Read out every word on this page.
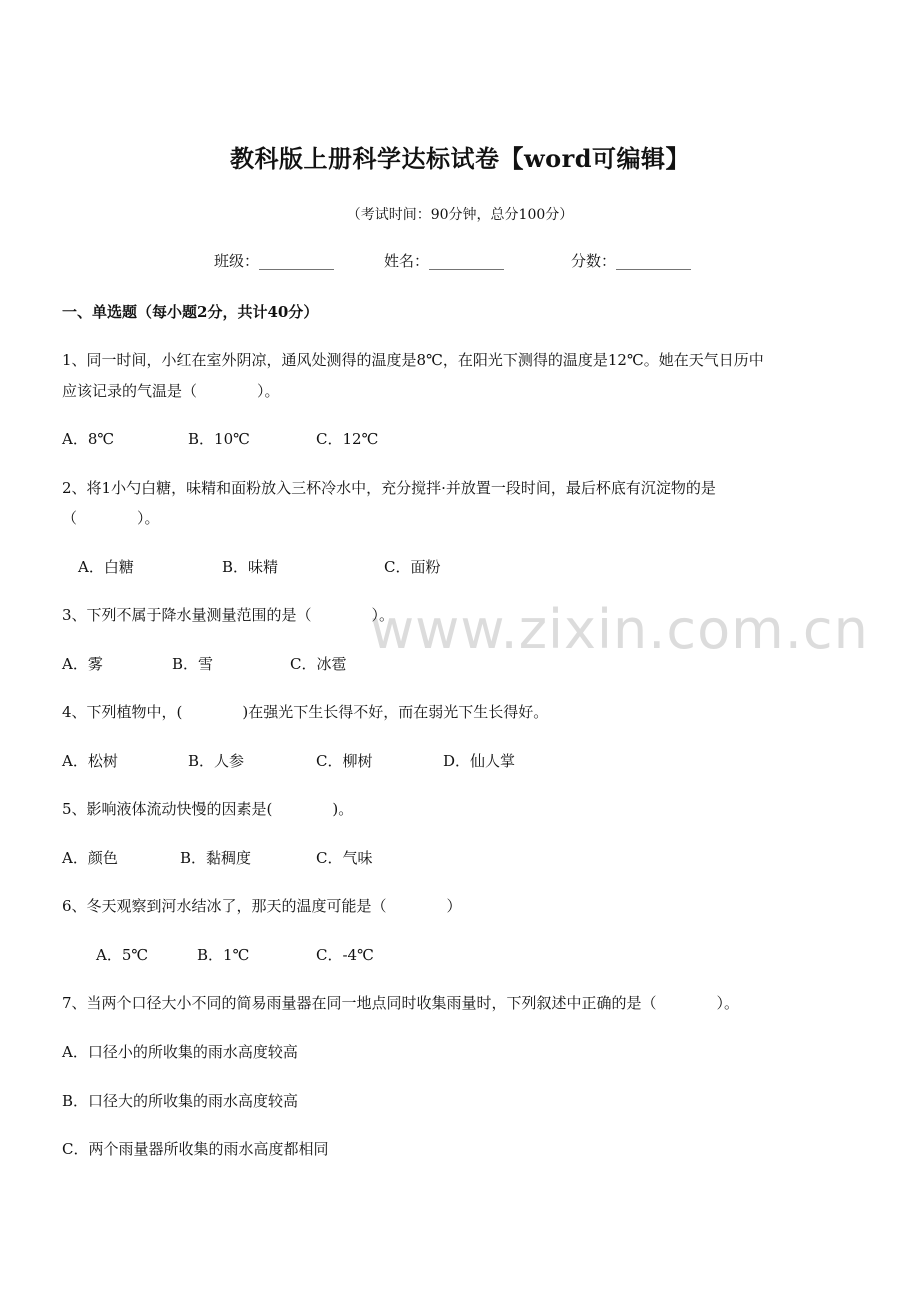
教科版上册科学达标试卷【word可编辑】
（考试时间：90分钟，总分100分）
班级：__________	姓名：__________	分数：__________
www.zixin.com.cn
一、单选题（每小题2分，共计40分）
1、同一时间，小红在室外阴凉，通风处测得的温度是8℃，在阳光下测得的温度是12℃。她在天气日历中
应该记录的气温是（　　　　）。
A．8℃	B．10℃	C．12℃
2、将1小勺白糖，味精和面粉放入三杯冷水中，充分搅拌·并放置一段时间，最后杯底有沉淀物的是
（　　　　）。
A．白糖	B．味精	C．面粉
3、下列不属于降水量测量范围的是（　　　　）。
A．雾	B．雪	C．冰雹
4、下列植物中，(　　　　)在强光下生长得不好，而在弱光下生长得好。
A．松树	B．人参	C．柳树	D．仙人掌
5、影响液体流动快慢的因素是(　　　　)。
A．颜色	B．黏稠度	C．气味
6、冬天观察到河水结冰了，那天的温度可能是（　　　　）
A．5℃	B．1℃	C．-4℃
7、当两个口径大小不同的简易雨量器在同一地点同时收集雨量时，下列叙述中正确的是（　　　　）。
A．口径小的所收集的雨水高度较高
B．口径大的所收集的雨水高度较高
C．两个雨量器所收集的雨水高度都相同
